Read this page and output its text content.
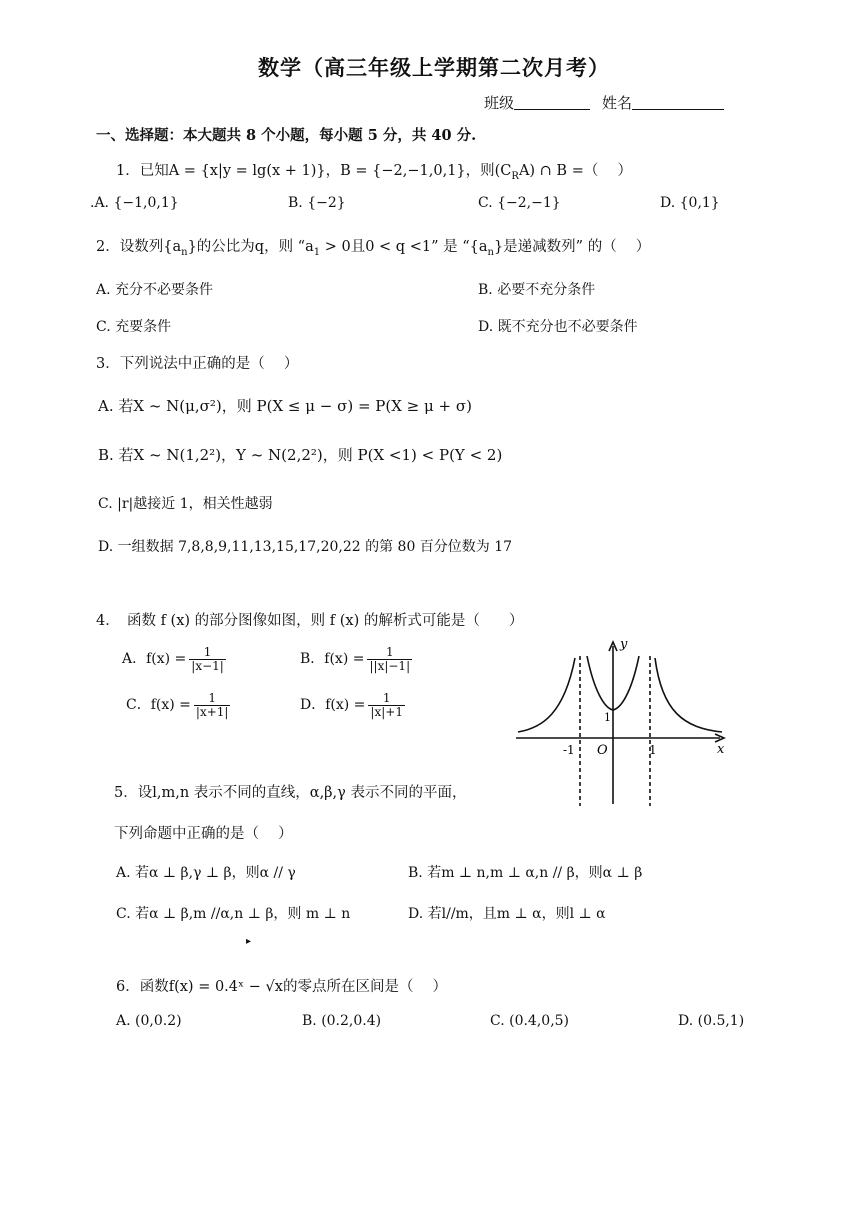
数学（高三年级上学期第二次月考）
班级	姓名
一、选择题：本大题共 8 个小题，每小题 5 分，共 40 分.
1．已知A = {x|y = lg(x + 1)}，B = {−2,−1,0,1}，则$(C_RA)$ ∩ B =（　 ）
.A. {−1,0,1}	B. {−2}	C. {−2,−1}	D. {0,1}
2．设数列$\{a_n\}$的公比为q，则 “$a_1 > 0$且0 < q <1” 是 “$\{a_n\}$是递减数列” 的（　 ）
A. 充分不必要条件	B. 必要不充分条件
C. 充要条件	D. 既不充分也不必要条件
3．下列说法中正确的是（　 ）
A. 若X ~ N(μ,σ²)，则 P(X ≤ μ − σ) = P(X ≥ μ + σ)
B. 若X ~ N(1,2²)，Y ~ N(2,2²)，则 P(X <1) < P(Y < 2)
C. |r|越接近 1，相关性越弱
D. 一组数据 7,8,8,9,11,13,15,17,20,22 的第 80 百分位数为 17
4．　函数 f (x) 的部分图像如图，则 f (x) 的解析式可能是（　　）
A．$f(x) = \frac{1}{|x-1|}$	B．$f(x) = \frac{1}{||x|-1|}$
C．$f(x) = \frac{1}{|x+1|}$	D．$f(x) = \frac{1}{|x|+1}$
y
x
O
-1	1
1
5．设l,m,n 表示不同的直线，α,β,γ 表示不同的平面，
下列命题中正确的是（　 ）
A. 若α ⊥ β,γ ⊥ β，则α // γ	B. 若m ⊥ n,m ⊥ α,n // β，则α ⊥ β
C. 若α ⊥ β,m //α,n ⊥ β，则 m ⊥ n	D. 若l//m，且m ⊥ α，则l ⊥ α
▸
6．函数f(x) = 0.4ˣ − √x的零点所在区间是（　 ）
A. (0,0.2)	B. (0.2,0.4)	C. (0.4,0,5)	D. (0.5,1)
